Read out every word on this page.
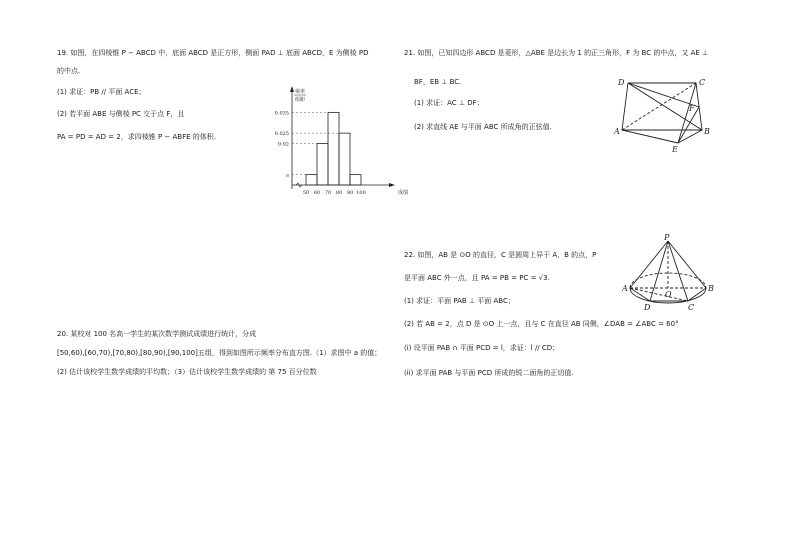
19. 如图，在四棱锥 P − ABCD 中，底面 ABCD 是正方形，侧面 PAD ⊥ 底面 ABCD，E 为侧棱 PD
的中点.
(1) 求证：PB // 平面 ACE；
(2) 若平面 ABE 与侧棱 PC 交于点 F，且
PA = PD = AD = 2，求四棱锥 P − ABFE 的体积.
0.035
0.025
0.02
a
50 60 70 80 90 100
频率
组距
成绩
20. 某校对 100 名高一学生的某次数学测试成绩进行统计，分成
[50,60),[60,70),[70,80),[80,90),[90,100]五组，得到如图所示频率分布直方图.（1）求图中 a 的值；
(2) 估计该校学生数学成绩的平均数；（3）估计该校学生数学成绩的 第 75 百分位数
21. 如图，已知四边形 ABCD 是菱形，△ABE 是边长为 1 的正三角形，F 为 BC 的中点，又 AE ⊥
BF，EB ⊥ BC.
(1) 求证：AC ⊥ DF；
(2) 求直线 AE 与平面 ABC 所成角的正弦值.
D	C
F
A	B
E
22. 如图，AB 是 ⊙O 的直径，C 是圆周上异于 A，B 的点，P
是平面 ABC 外一点，且 PA = PB = PC = √3.
(1) 求证：平面 PAB ⊥ 平面 ABC；
(2) 若 AB = 2，点 D 是 ⊙O 上一点，且与 C 在直径 AB 同侧，∠DAB = ∠ABC = 60°
(i) 设平面 PAB ∩ 平面 PCD = l，求证：l // CD；
(ii) 求平面 PAB 与平面 PCD 所成的锐二面角的正切值.
P
A	B
O
D	C
